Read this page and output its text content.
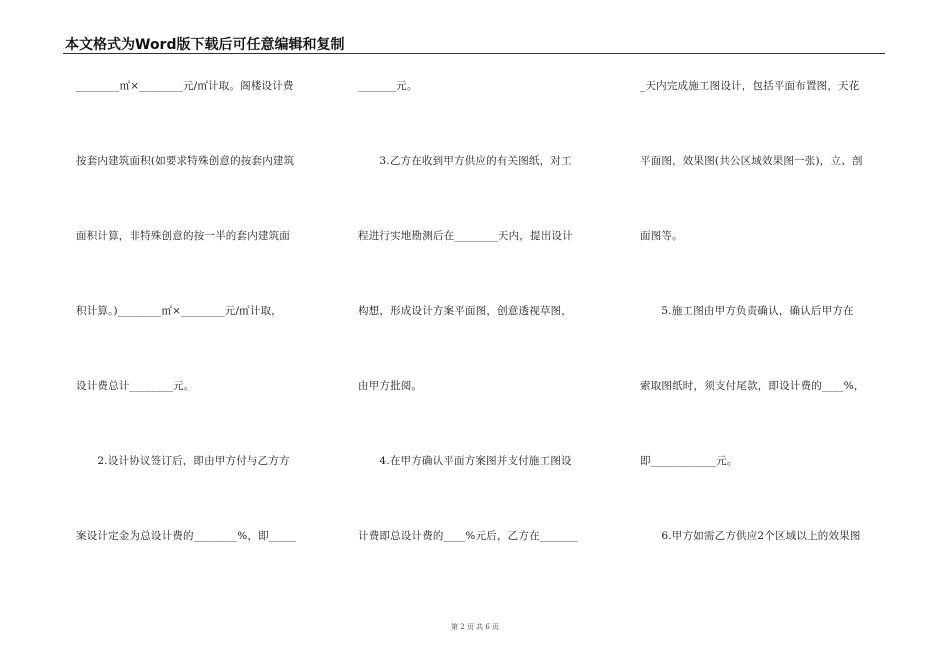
本文格式为Word版下载后可任意编辑和复制
________㎡×________元/㎡计取。阁楼设计费
按套内建筑面积(如要求特殊创意的按套内建筑
面积计算，非特殊创意的按一半的套内建筑面
积计算。)________㎡×________元/㎡计取，
设计费总计________元。
　　2.设计协议签订后，即由甲方付与乙方方
案设计定金为总设计费的________%，即_____
_______元。
　　3.乙方在收到甲方供应的有关图纸，对工
程进行实地勘测后在________天内，提出设计
构想，形成设计方案平面图，创意透视草图，
由甲方批阅。
　　4.在甲方确认平面方案图并支付施工图设
计费即总设计费的____%元后，乙方在_______
_天内完成施工图设计，包括平面布置图，天花
平面图，效果图(共公区域效果图一张)，立、剖
面图等。
　　5.施工图由甲方负责确认，确认后甲方在
索取图纸时，须支付尾款，即设计费的____%，
即____________元。
　　6.甲方如需乙方供应2个区域以上的效果图
第 2 页 共 6 页
